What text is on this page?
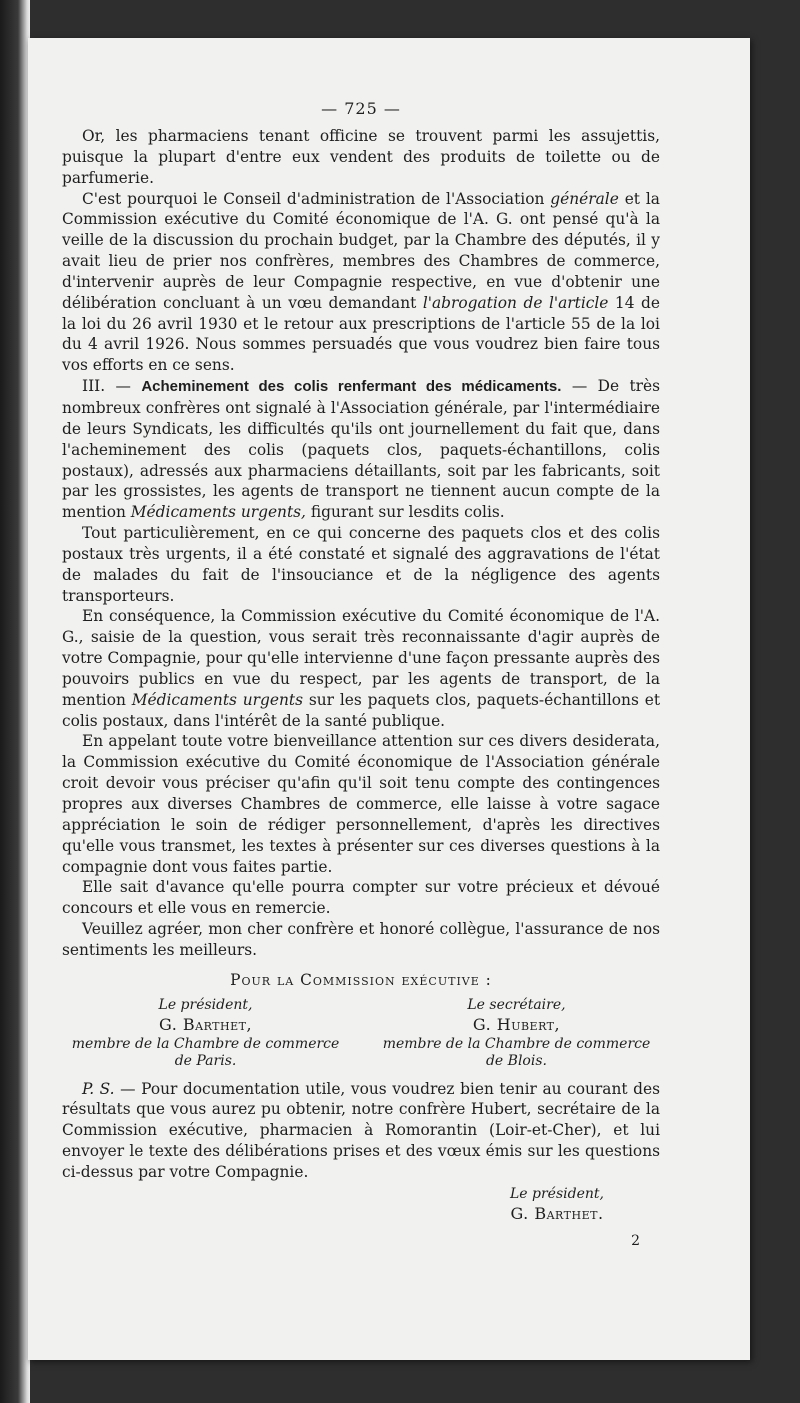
— 725 —

Or, les pharmaciens tenant officine se trouvent parmi les assujettis, puisque la plupart d'entre eux vendent des produits de toilette ou de parfumerie.

C'est pourquoi le Conseil d'administration de l'Association générale et la Commission exécutive du Comité économique de l'A. G. ont pensé qu'à la veille de la discussion du prochain budget, par la Chambre des députés, il y avait lieu de prier nos confrères, membres des Chambres de commerce, d'intervenir auprès de leur Compagnie respective, en vue d'obtenir une délibération concluant à un vœu demandant l'abrogation de l'article 14 de la loi du 26 avril 1930 et le retour aux prescriptions de l'article 55 de la loi du 4 avril 1926. Nous sommes persuadés que vous voudrez bien faire tous vos efforts en ce sens.

III. — Acheminement des colis renfermant des médicaments. — De très nombreux confrères ont signalé à l'Association générale, par l'intermédiaire de leurs Syndicats, les difficultés qu'ils ont journellement du fait que, dans l'acheminement des colis (paquets clos, paquets-échantillons, colis postaux), adressés aux pharmaciens détaillants, soit par les fabricants, soit par les grossistes, les agents de transport ne tiennent aucun compte de la mention Médicaments urgents, figurant sur lesdits colis.

Tout particulièrement, en ce qui concerne des paquets clos et des colis postaux très urgents, il a été constaté et signalé des aggravations de l'état de malades du fait de l'insouciance et de la négligence des agents transporteurs.

En conséquence, la Commission exécutive du Comité économique de l'A. G., saisie de la question, vous serait très reconnaissante d'agir auprès de votre Compagnie, pour qu'elle intervienne d'une façon pressante auprès des pouvoirs publics en vue du respect, par les agents de transport, de la mention Médicaments urgents sur les paquets clos, paquets-échantillons et colis postaux, dans l'intérêt de la santé publique.

En appelant toute votre bienveillance attention sur ces divers desiderata, la Commission exécutive du Comité économique de l'Association générale croit devoir vous préciser qu'afin qu'il soit tenu compte des contingences propres aux diverses Chambres de commerce, elle laisse à votre sagace appréciation le soin de rédiger personnellement, d'après les directives qu'elle vous transmet, les textes à présenter sur ces diverses questions à la compagnie dont vous faites partie.

Elle sait d'avance qu'elle pourra compter sur votre précieux et dévoué concours et elle vous en remercie.

Veuillez agréer, mon cher confrère et honoré collègue, l'assurance de nos sentiments les meilleurs.

Pour la Commission exécutive :
Le président,
G. Barthet,
membre de la Chambre de commerce
de Paris.
Le secrétaire,
G. Hubert,
membre de la Chambre de commerce
de Blois.

P. S. — Pour documentation utile, vous voudrez bien tenir au courant des résultats que vous aurez pu obtenir, notre confrère Hubert, secrétaire de la Commission exécutive, pharmacien à Romorantin (Loir-et-Cher), et lui envoyer le texte des délibérations prises et des vœux émis sur les questions ci-dessus par votre Compagnie.

Le président,
G. Barthet.
2
